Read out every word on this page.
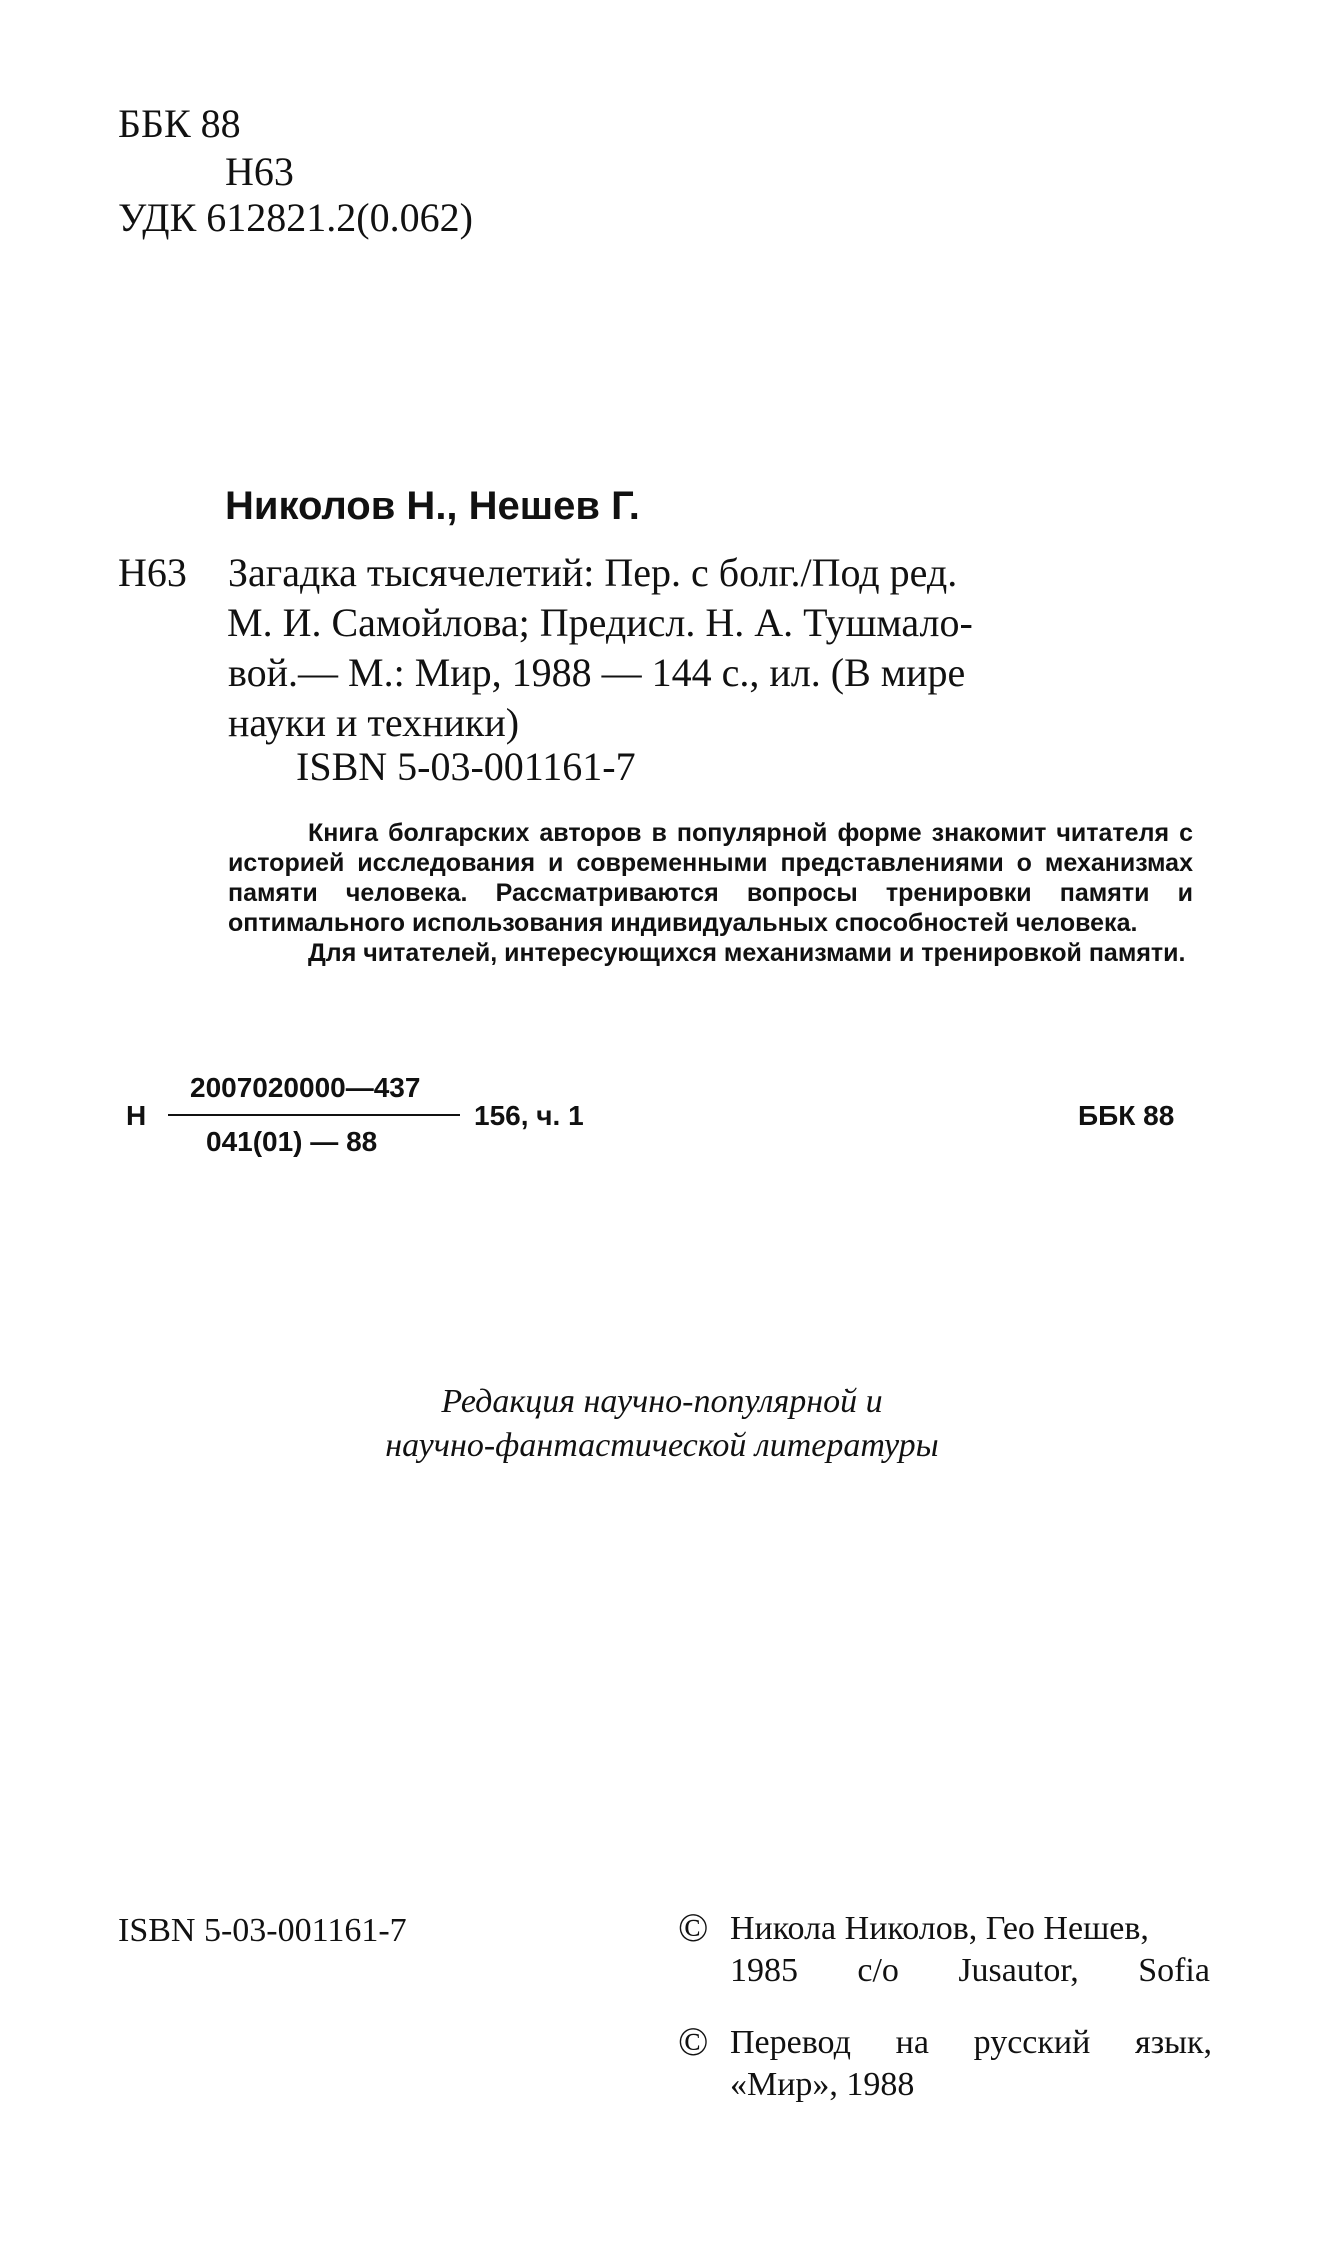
ББК 88
Н63
УДК 612821.2(0.062)
Николов Н., Нешев Г.
Н63 Загадка тысячелетий: Пер. с болг./Под ред.
М. И. Самойлова; Предисл. Н. А. Тушмало-
вой.— М.: Мир, 1988 — 144 с., ил. (В мире
науки и техники)
ISBN 5-03-001161-7

Книга болгарских авторов в популярной форме знакомит читателя с историей исследования и современными представлениями о механизмах памяти человека. Рассматриваются вопросы тренировки памяти и оптимального использования индивидуальных способностей человека.

Для читателей, интересующихся механизмами и тренировкой памяти.

Н
2007020000—437
041(01) — 88
156, ч. 1	ББК 88
Редакция научно-популярной и
научно-фантастической литературы
ISBN 5-03-001161-7	© Никола Николов, Гео Нешев,
1985 c/o Jusautor, Sofia
© Перевод на русский язык,
«Мир», 1988
